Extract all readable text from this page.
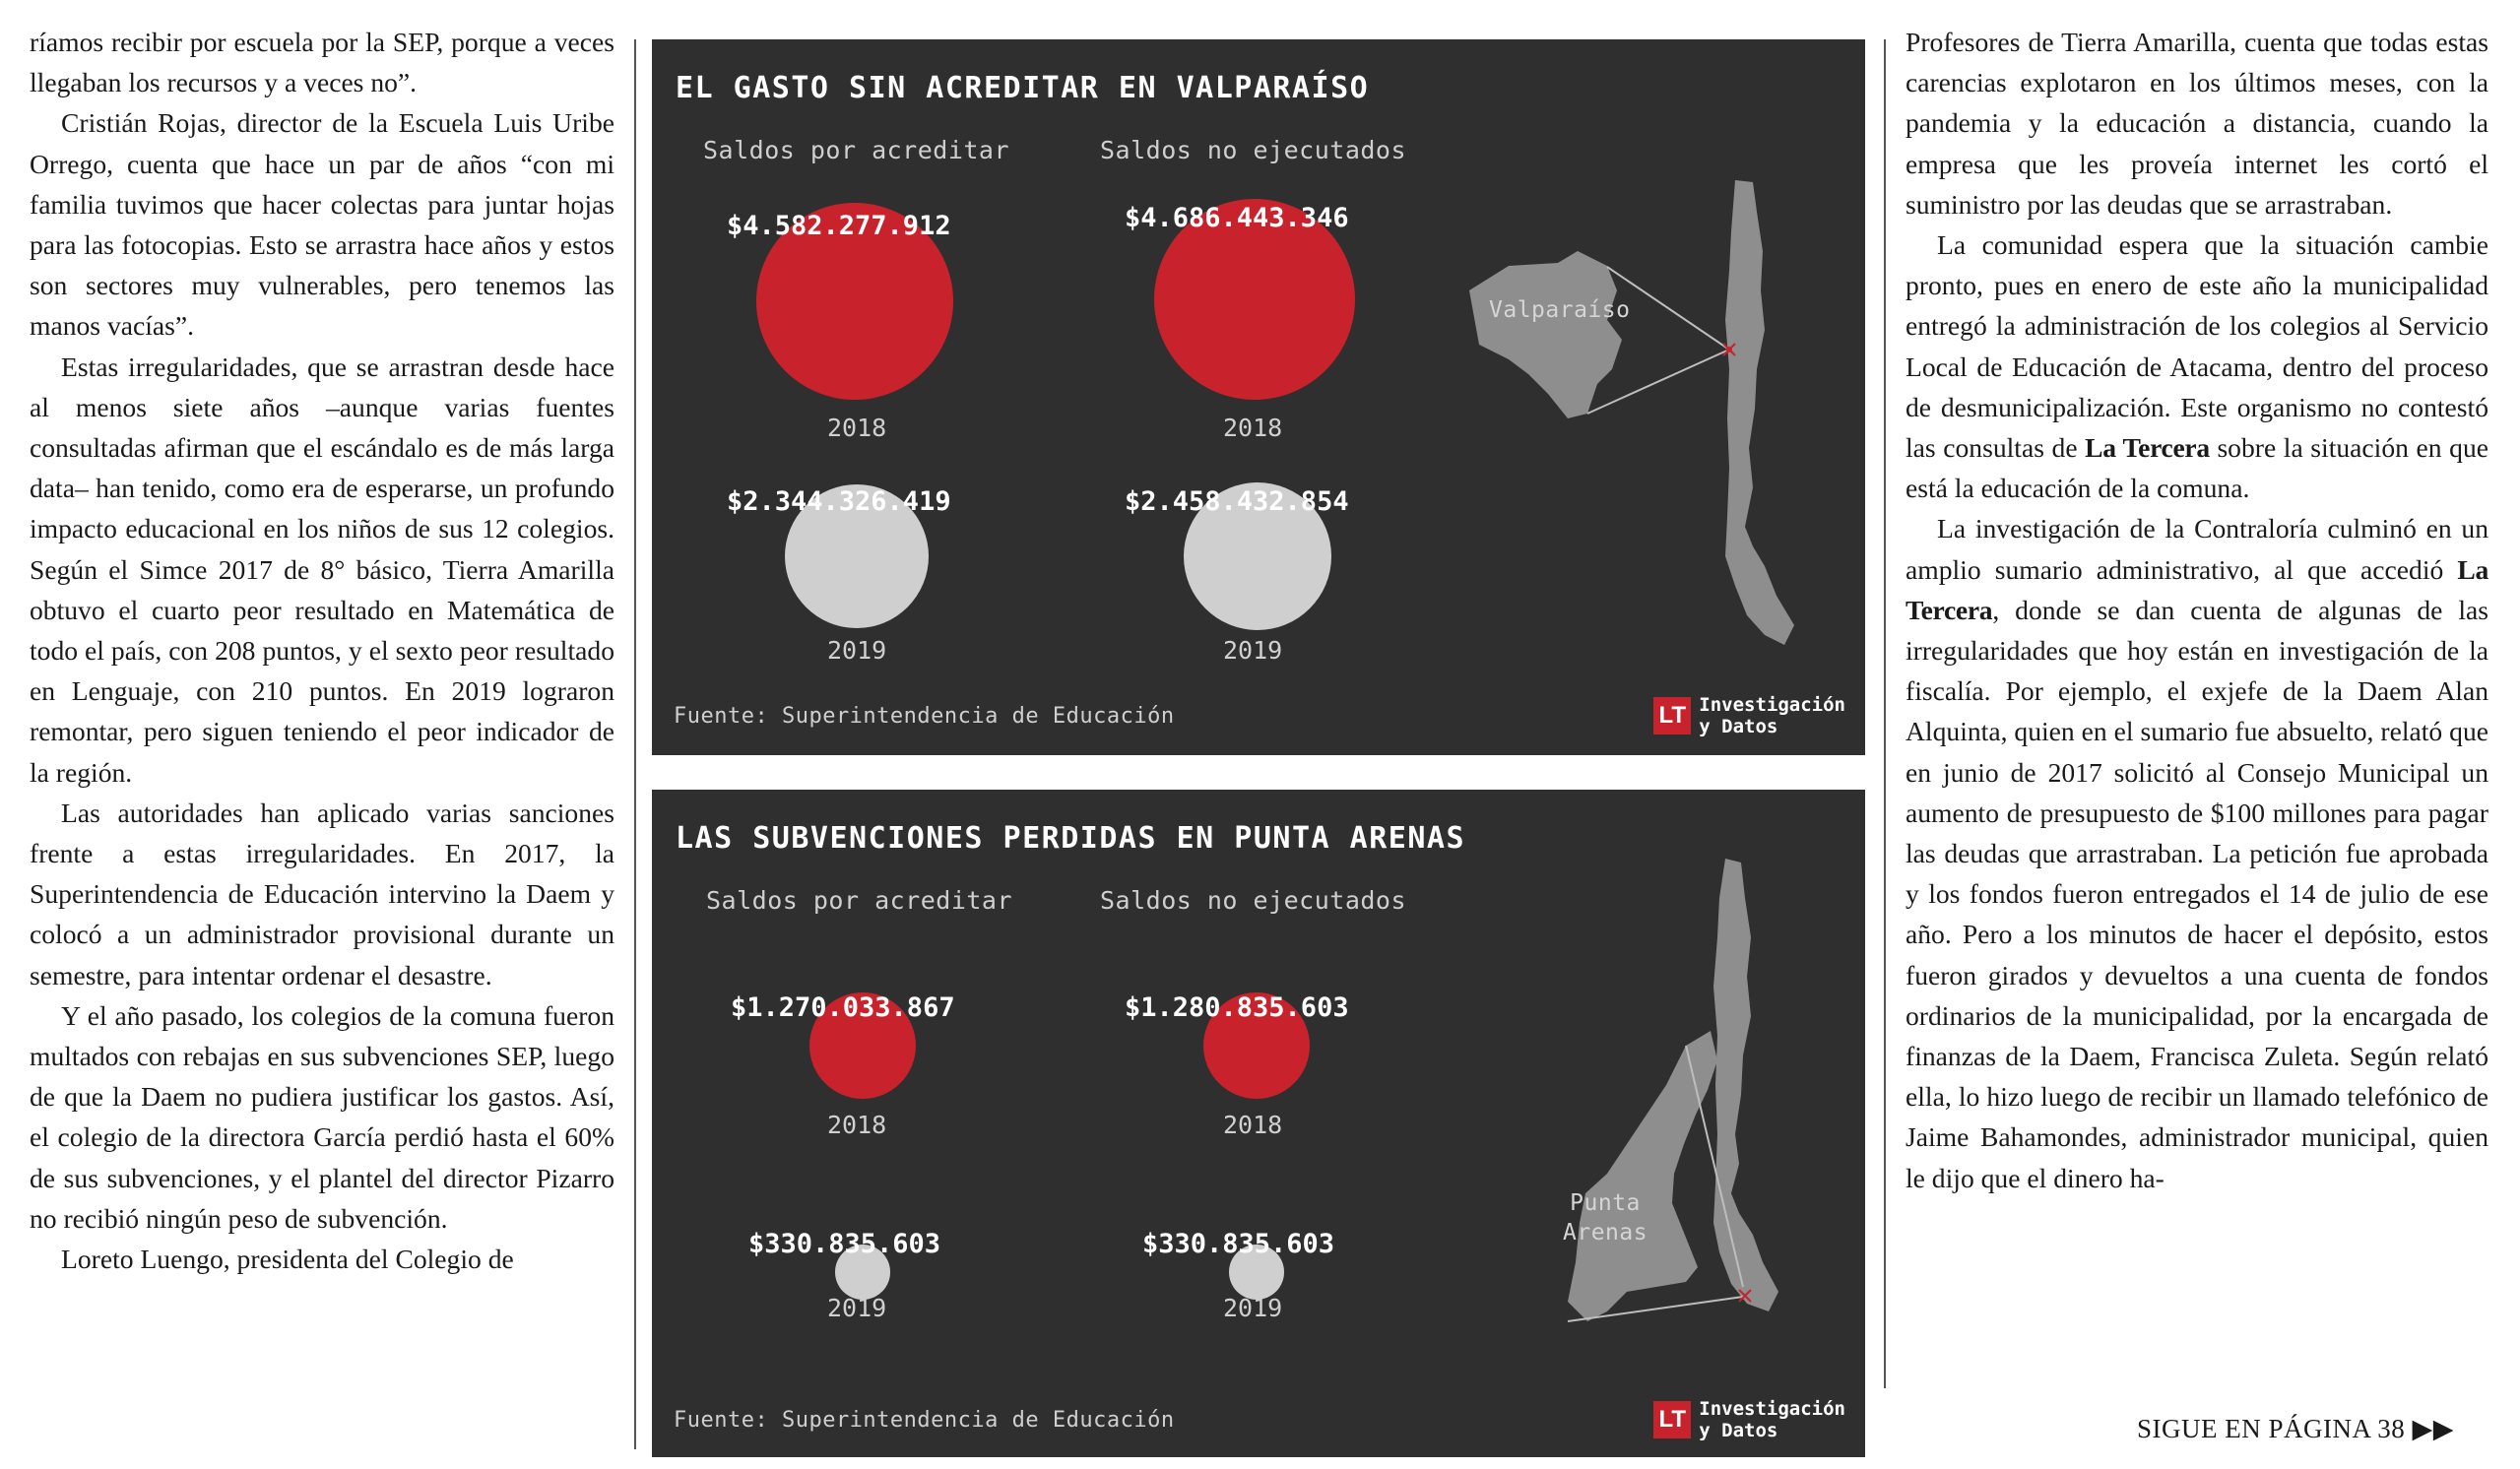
ríamos recibir por escuela por la SEP, porque a veces llegaban los recursos y a veces no”.

Cristián Rojas, director de la Escuela Luis Uribe Orrego, cuenta que hace un par de años “con mi familia tuvimos que hacer colectas para juntar hojas para las fotocopias. Esto se arrastra hace años y estos son sectores muy vulnerables, pero tenemos las manos vacías”.

Estas irregularidades, que se arrastran desde hace al menos siete años –aunque varias fuentes consultadas afirman que el escándalo es de más larga data– han tenido, como era de esperarse, un profundo impacto educacional en los niños de sus 12 colegios. Según el Simce 2017 de 8° básico, Tierra Amarilla obtuvo el cuarto peor resultado en Matemática de todo el país, con 208 puntos, y el sexto peor resultado en Lenguaje, con 210 puntos. En 2019 lograron remontar, pero siguen teniendo el peor indicador de la región.

Las autoridades han aplicado varias sanciones frente a estas irregularidades. En 2017, la Superintendencia de Educación intervino la Daem y colocó a un administrador provisional durante un semestre, para intentar ordenar el desastre.

Y el año pasado, los colegios de la comuna fueron multados con rebajas en sus subvenciones SEP, luego de que la Daem no pudiera justificar los gastos. Así, el colegio de la directora García perdió hasta el 60% de sus subvenciones, y el plantel del director Pizarro no recibió ningún peso de subvención.

Loreto Luengo, presidenta del Colegio de

EL GASTO SIN ACREDITAR EN VALPARAÍSO
Saldos por acreditar	Saldos no ejecutados
$4.582.277.912
2018
$4.686.443.346
2018
$2.344.326.419
2019
$2.458.432.854
2019
Valparaíso
Fuente: Superintendencia de Educación	LT Investigación
y Datos
LAS SUBVENCIONES PERDIDAS EN PUNTA ARENAS
Saldos por acreditar	Saldos no ejecutados
$1.270.033.867
2018
$1.280.835.603
2018
$330.835.603
2019
$330.835.603
2019
Punta
Arenas
Fuente: Superintendencia de Educación	LT Investigación
y Datos

Profesores de Tierra Amarilla, cuenta que todas estas carencias explotaron en los últimos meses, con la pandemia y la educación a distancia, cuando la empresa que les proveía internet les cortó el suministro por las deudas que se arrastraban.

La comunidad espera que la situación cambie pronto, pues en enero de este año la municipalidad entregó la administración de los colegios al Servicio Local de Educación de Atacama, dentro del proceso de desmunicipalización. Este organismo no contestó las consultas de La Tercera sobre la situación en que está la educación de la comuna.

La investigación de la Contraloría culminó en un amplio sumario administrativo, al que accedió La Tercera, donde se dan cuenta de algunas de las irregularidades que hoy están en investigación de la fiscalía. Por ejemplo, el exjefe de la Daem Alan Alquinta, quien en el sumario fue absuelto, relató que en junio de 2017 solicitó al Consejo Municipal un aumento de presupuesto de $100 millones para pagar las deudas que arrastraban. La petición fue aprobada y los fondos fueron entregados el 14 de julio de ese año. Pero a los minutos de hacer el depósito, estos fueron girados y devueltos a una cuenta de fondos ordinarios de la municipalidad, por la encargada de finanzas de la Daem, Francisca Zuleta. Según relató ella, lo hizo luego de recibir un llamado telefónico de Jaime Bahamondes, administrador municipal, quien le dijo que el dinero ha-

SIGUE EN PÁGINA 38 ▶▶
